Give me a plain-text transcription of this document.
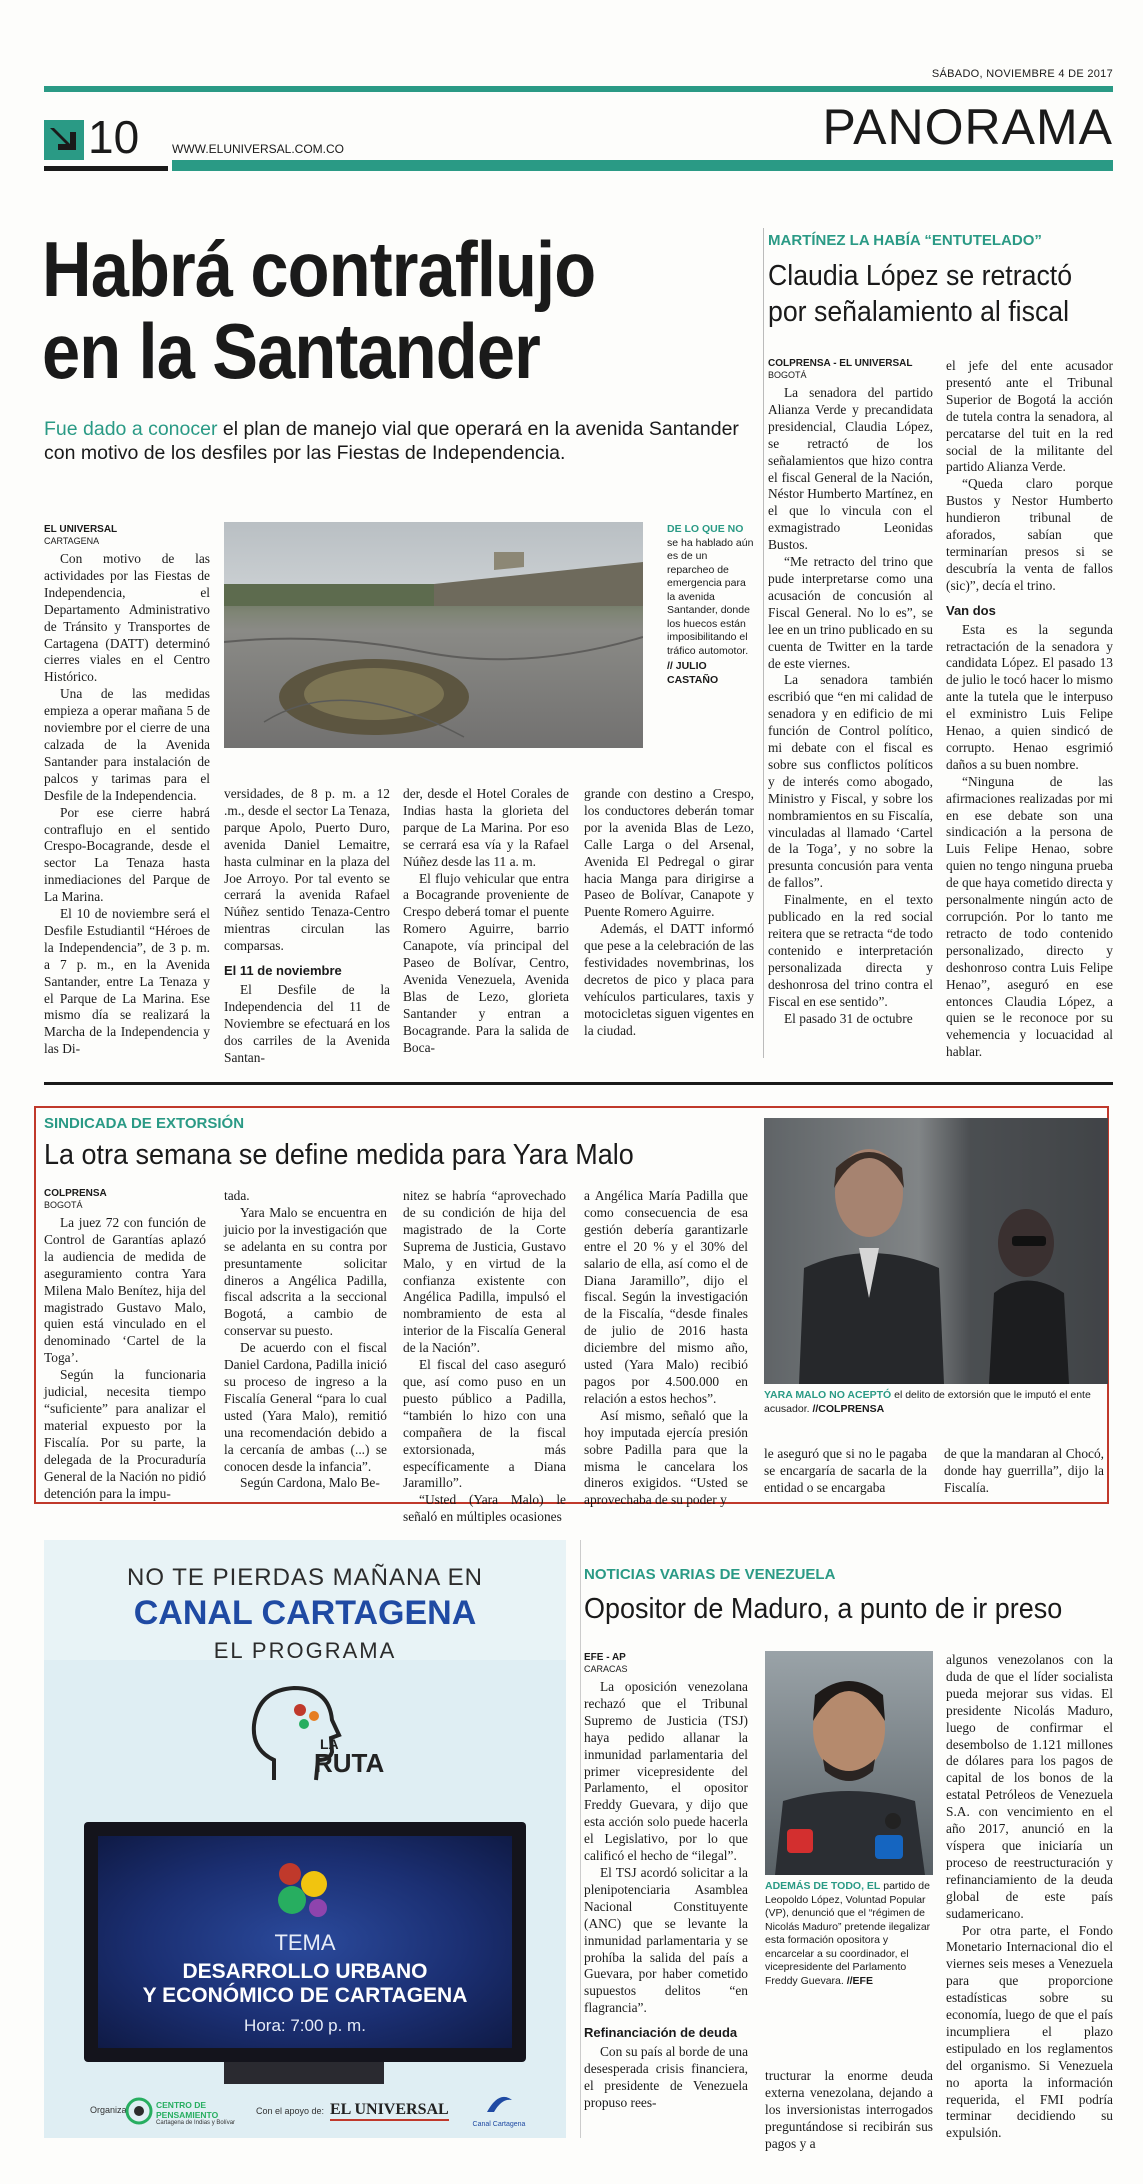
SÁBADO, NOVIEMBRE 4 DE 2017
10	WWW.ELUNIVERSAL.COM.CO	PANORAMA
Habrá contraflujo
en la Santander
Fue dado a conocer el plan de manejo vial que operará en la avenida Santander con motivo de los desfiles por las Fiestas de Independencia.
EL UNIVERSAL
CARTAGENA

Con motivo de las actividades por las Fiestas de Independencia, el Departamento Administrativo de Tránsito y Transportes de Cartagena (DATT) determinó cierres viales en el Centro Histórico.

Una de las medidas empieza a operar mañana 5 de noviembre por el cierre de una calzada de la Avenida Santander para instalación de palcos y tarimas para el Desfile de la Independencia.

Por ese cierre habrá contraflujo en el sentido Crespo-Bocagrande, desde el sector La Tenaza hasta inmediaciones del Parque de La Marina.

El 10 de noviembre será el Desfile Estudiantil “Héroes de la Independencia”, de 3 p. m. a 7 p. m., en la Avenida Santander, entre La Tenaza y el Parque de La Marina. Ese mismo día se realizará la Marcha de la Independencia y las Di-

DE LO QUE NO se ha hablado aún es de un reparcheo de emergencia para la avenida Santander, donde los huecos están imposibilitando el tráfico automotor.
// JULIO CASTAÑO

versidades, de 8 p. m. a 12 .m., desde el sector La Tenaza, parque Apolo, Puerto Duro, avenida Daniel Lemaitre, hasta culminar en la plaza del Joe Arroyo. Por tal evento se cerrará la avenida Rafael Núñez sentido Tenaza-Centro mientras circulan las comparsas.

El 11 de noviembre

El Desfile de la Independencia del 11 de Noviembre se efectuará en los dos carriles de la Avenida Santan-

der, desde el Hotel Corales de Indias hasta la glorieta del parque de La Marina. Por eso se cerrará esa vía y la Rafael Núñez desde las 11 a. m.

El flujo vehicular que entra a Bocagrande proveniente de Crespo deberá tomar el puente Romero Aguirre, barrio Canapote, vía principal del Paseo de Bolívar, Centro, Avenida Venezuela, Avenida Blas de Lezo, glorieta Santander y entran a Bocagrande. Para la salida de Boca-

grande con destino a Crespo, los conductores deberán tomar por la avenida Blas de Lezo, Calle Larga o del Arsenal, Avenida El Pedregal o girar hacia Manga para dirigirse a Paseo de Bolívar, Canapote y Puente Romero Aguirre.

Además, el DATT informó que pese a la celebración de las festividades novembrinas, los decretos de pico y placa para vehículos particulares, taxis y motocicletas siguen vigentes en la ciudad.

MARTÍNEZ LA HABÍA “ENTUTELADO”
Claudia López se retractó por señalamiento al fiscal
COLPRENSA - EL UNIVERSAL
BOGOTÁ

La senadora del partido Alianza Verde y precandidata presidencial, Claudia López, se retractó de los señalamientos que hizo contra el fiscal General de la Nación, Néstor Humberto Martínez, en el que lo vincula con el exmagistrado Leonidas Bustos.

“Me retracto del trino que pude interpretarse como una acusación de concusión al Fiscal General. No lo es”, se lee en un trino publicado en su cuenta de Twitter en la tarde de este viernes.

La senadora también escribió que “en mi calidad de senadora y en edificio de mi función de Control político, mi debate con el fiscal es sobre sus conflictos políticos y de interés como abogado, Ministro y Fiscal, y sobre los nombramientos en su Fiscalía, vinculadas al llamado ‘Cartel de la Toga’, y no sobre la presunta concusión para venta de fallos”.

Finalmente, en el texto publicado en la red social reitera que se retracta “de todo contenido e interpretación personalizada directa y deshonrosa del trino contra el Fiscal en ese sentido”.

El pasado 31 de octubre

el jefe del ente acusador presentó ante el Tribunal Superior de Bogotá la acción de tutela contra la senadora, al percatarse del tuit en la red social de la militante del partido Alianza Verde.

“Queda claro porque Bustos y Nestor Humberto hundieron tribunal de aforados, sabían que terminarían presos si se descubría la venta de fallos (sic)”, decía el trino.

Van dos

Esta es la segunda retractación de la senadora y candidata López. El pasado 13 de julio le tocó hacer lo mismo ante la tutela que le interpuso el exministro Luis Felipe Henao, a quien sindicó de corrupto. Henao esgrimió daños a su buen nombre.

“Ninguna de las afirmaciones realizadas por mi en ese debate son una sindicación a la persona de Luis Felipe Henao, sobre quien no tengo ninguna prueba de que haya cometido directa y personalmente ningún acto de corrupción. Por lo tanto me retracto de todo contenido personalizado, directo y deshonroso contra Luis Felipe Henao”, aseguró en ese entonces Claudia López, a quien se le reconoce por su vehemencia y locuacidad al hablar.

SINDICADA DE EXTORSIÓN
La otra semana se define medida para Yara Malo
COLPRENSA
BOGOTÁ

La juez 72 con función de Control de Garantías aplazó la audiencia de medida de aseguramiento contra Yara Milena Malo Benítez, hija del magistrado Gustavo Malo, quien está vinculado en el denominado ‘Cartel de la Toga’.

Según la funcionaria judicial, necesita tiempo “suficiente” para analizar el material expuesto por la Fiscalía. Por su parte, la delegada de la Procuraduría General de la Nación no pidió detención para la impu-

tada.

Yara Malo se encuentra en juicio por la investigación que se adelanta en su contra por presuntamente solicitar dineros a Angélica Padilla, fiscal adscrita a la seccional Bogotá, a cambio de conservar su puesto.

De acuerdo con el fiscal Daniel Cardona, Padilla inició su proceso de ingreso a la Fiscalía General “para lo cual usted (Yara Malo), remitió una recomendación debido a la cercanía de ambas (...) se conocen desde la infancia”.

Según Cardona, Malo Be-

nitez se habría “aprovechado de su condición de hija del magistrado de la Corte Suprema de Justicia, Gustavo Malo, y en virtud de la confianza existente con Angélica Padilla, impulsó el nombramiento de esta al interior de la Fiscalía General de la Nación”.

El fiscal del caso aseguró que, así como puso en un puesto público a Padilla, “también lo hizo con una compañera de la fiscal extorsionada, más específicamente a Diana Jaramillo”.

“Usted (Yara Malo) le señaló en múltiples ocasiones

a Angélica María Padilla que como consecuencia de esa gestión debería garantizarle entre el 20 % y el 30% del salario de ella, así como el de Diana Jaramillo”, dijo el fiscal. Según la investigación de la Fiscalía, “desde finales de julio de 2016 hasta diciembre del mismo año, usted (Yara Malo) recibió pagos por 4.500.000 en relación a estos hechos”.

Así mismo, señaló que la hoy imputada ejercía presión sobre Padilla para que la misma le cancelara los dineros exigidos. “Usted se aprovechaba de su poder y

YARA MALO NO ACEPTÓ el delito de extorsión que le imputó el ente acusador. //COLPRENSA

le aseguró que si no le pagaba se encargaría de sacarla de la entidad o se encargaba

de que la mandaran al Chocó, donde hay guerrilla”, dijo la Fiscalía.

NO TE PIERDAS MAÑANA EN
CANAL CARTAGENA
EL PROGRAMA
LA
RUTA
TEMA
DESARROLLO URBANO
Y ECONÓMICO DE CARTAGENA
Hora: 7:00 p. m.
Organiza:	CENTRO DE PENSAMIENTO
Cartagena de Indias y Bolívar
Con el apoyo de: EL UNIVERSAL
Canal Cartagena
NOTICIAS VARIAS DE VENEZUELA
Opositor de Maduro, a punto de ir preso
EFE - AP
CARACAS

La oposición venezolana rechazó que el Tribunal Supremo de Justicia (TSJ) haya pedido allanar la inmunidad parlamentaria del primer vicepresidente del Parlamento, el opositor Freddy Guevara, y dijo que esta acción solo puede hacerla el Legislativo, por lo que calificó el hecho de “ilegal”.

El TSJ acordó solicitar a la plenipotenciaria Asamblea Nacional Constituyente (ANC) que se levante la inmunidad parlamentaria y se prohíba la salida del país a Guevara, por haber cometido supuestos delitos “en flagrancia”.

Refinanciación de deuda

Con su país al borde de una desesperada crisis financiera, el presidente de Venezuela propuso rees-

ADEMÁS DE TODO, EL partido de Leopoldo López, Voluntad Popular (VP), denunció que el “régimen de Nicolás Maduro” pretende ilegalizar esta formación opositora y encarcelar a su coordinador, el vicepresidente del Parlamento Freddy Guevara. //EFE

tructurar la enorme deuda externa venezolana, dejando a los inversionistas interrogados preguntándose si recibirán sus pagos y a

algunos venezolanos con la duda de que el líder socialista pueda mejorar sus vidas. El presidente Nicolás Maduro, luego de confirmar el desembolso de 1.121 millones de dólares para los pagos de capital de los bonos de la estatal Petróleos de Venezuela S.A. con vencimiento en el año 2017, anunció en la víspera que iniciaría un proceso de reestructuración y refinanciamiento de la deuda global de este país sudamericano.

Por otra parte, el Fondo Monetario Internacional dio el viernes seis meses a Venezuela para que proporcione estadísticas sobre su economía, luego de que el país incumpliera el plazo estipulado en los reglamentos del organismo. Si Venezuela no aporta la información requerida, el FMI podría terminar decidiendo su expulsión.
